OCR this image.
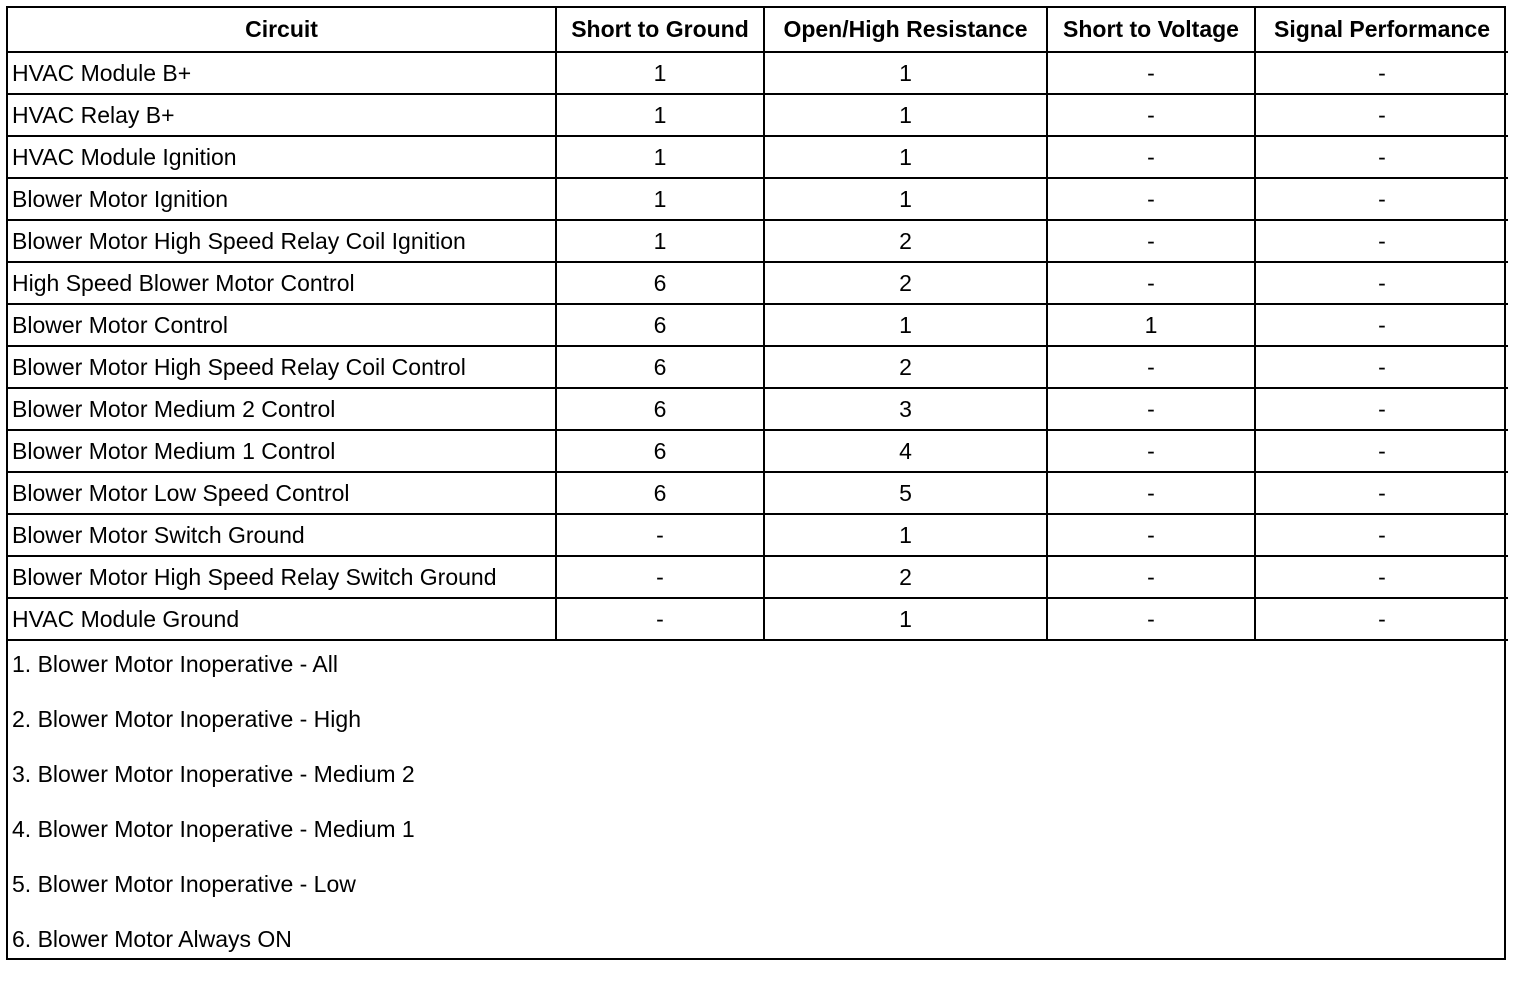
Circuit	Short to Ground	Open/High Resistance	Short to Voltage	Signal Performance
HVAC Module B+	1	1	-	-
HVAC Relay B+	1	1	-	-
HVAC Module Ignition	1	1	-	-
Blower Motor Ignition	1	1	-	-
Blower Motor High Speed Relay Coil Ignition	1	2	-	-
High Speed Blower Motor Control	6	2	-	-
Blower Motor Control	6	1	1	-
Blower Motor High Speed Relay Coil Control	6	2	-	-
Blower Motor Medium 2 Control	6	3	-	-
Blower Motor Medium 1 Control	6	4	-	-
Blower Motor Low Speed Control	6	5	-	-
Blower Motor Switch Ground	-	1	-	-
Blower Motor High Speed Relay Switch Ground	-	2	-	-
HVAC Module Ground	-	1	-	-
1. Blower Motor Inoperative - All
2. Blower Motor Inoperative - High
3. Blower Motor Inoperative - Medium 2
4. Blower Motor Inoperative - Medium 1
5. Blower Motor Inoperative - Low
6. Blower Motor Always ON
